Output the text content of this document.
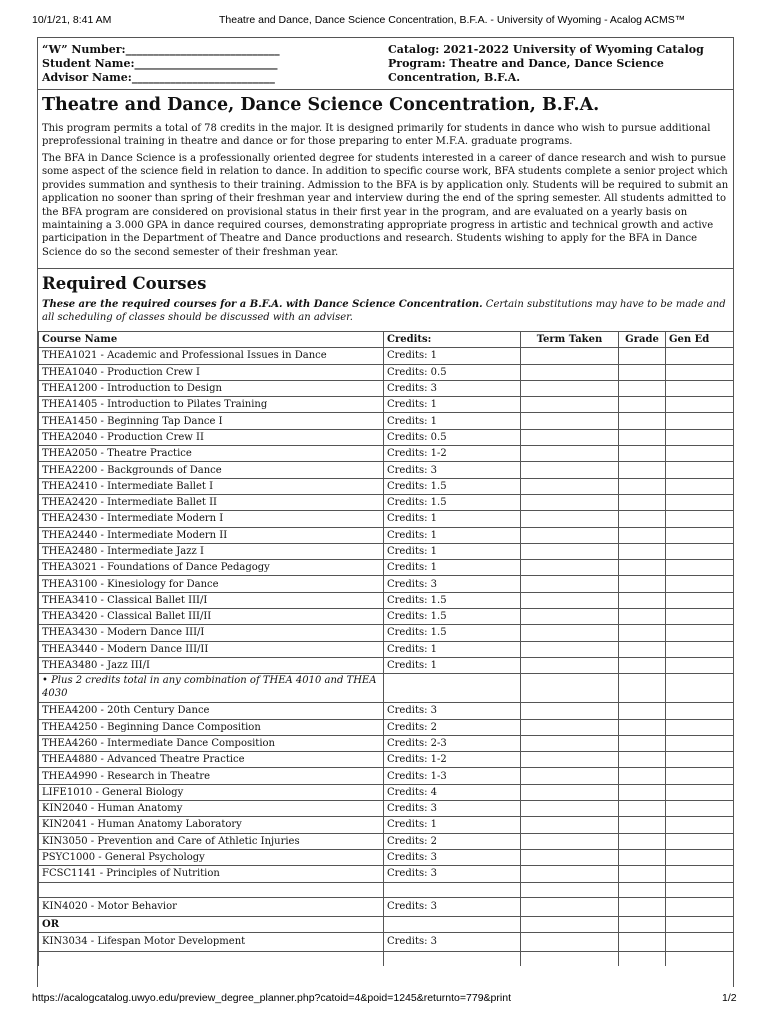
10/1/21, 8:41 AM	Theatre and Dance, Dance Science Concentration, B.F.A. - University of Wyoming - Acalog ACMS™
“W” Number:____________________________
Student Name:__________________________
Advisor Name:__________________________
Catalog: 2021-2022 University of Wyoming Catalog
Program: Theatre and Dance, Dance Science Concentration, B.F.A.
Theatre and Dance, Dance Science Concentration, B.F.A.
This program permits a total of 78 credits in the major. It is designed primarily for students in dance who wish to pursue additional preprofessional training in theatre and dance or for those preparing to enter M.F.A. graduate programs.
The BFA in Dance Science is a professionally oriented degree for students interested in a career of dance research and wish to pursue some aspect of the science field in relation to dance. In addition to specific course work, BFA students complete a senior project which provides summation and synthesis to their training. Admission to the BFA is by application only. Students will be required to submit an application no sooner than spring of their freshman year and interview during the end of the spring semester. All students admitted to the BFA program are considered on provisional status in their first year in the program, and are evaluated on a yearly basis on maintaining a 3.000 GPA in dance required courses, demonstrating appropriate progress in artistic and technical growth and active participation in the Department of Theatre and Dance productions and research. Students wishing to apply for the BFA in Dance Science do so the second semester of their freshman year.
Required Courses
These are the required courses for a B.F.A. with Dance Science Concentration. Certain substitutions may have to be made and all scheduling of classes should be discussed with an adviser.
Course Name	Credits:	Term Taken	Grade	Gen Ed
THEA1021 - Academic and Professional Issues in Dance	Credits: 1			
THEA1040 - Production Crew I	Credits: 0.5			
THEA1200 - Introduction to Design	Credits: 3			
THEA1405 - Introduction to Pilates Training	Credits: 1			
THEA1450 - Beginning Tap Dance I	Credits: 1			
THEA2040 - Production Crew II	Credits: 0.5			
THEA2050 - Theatre Practice	Credits: 1-2			
THEA2200 - Backgrounds of Dance	Credits: 3			
THEA2410 - Intermediate Ballet I	Credits: 1.5			
THEA2420 - Intermediate Ballet II	Credits: 1.5			
THEA2430 - Intermediate Modern I	Credits: 1			
THEA2440 - Intermediate Modern II	Credits: 1			
THEA2480 - Intermediate Jazz I	Credits: 1			
THEA3021 - Foundations of Dance Pedagogy	Credits: 1			
THEA3100 - Kinesiology for Dance	Credits: 3			
THEA3410 - Classical Ballet III/I	Credits: 1.5			
THEA3420 - Classical Ballet III/II	Credits: 1.5			
THEA3430 - Modern Dance III/I	Credits: 1.5			
THEA3440 - Modern Dance III/II	Credits: 1			
THEA3480 - Jazz III/I	Credits: 1			
• Plus 2 credits total in any combination of THEA 4010 and THEA 4030				
THEA4200 - 20th Century Dance	Credits: 3			
THEA4250 - Beginning Dance Composition	Credits: 2			
THEA4260 - Intermediate Dance Composition	Credits: 2-3			
THEA4880 - Advanced Theatre Practice	Credits: 1-2			
THEA4990 - Research in Theatre	Credits: 1-3			
LIFE1010 - General Biology	Credits: 4			
KIN2040 - Human Anatomy	Credits: 3			
KIN2041 - Human Anatomy Laboratory	Credits: 1			
KIN3050 - Prevention and Care of Athletic Injuries	Credits: 2			
PSYC1000 - General Psychology	Credits: 3			
FCSC1141 - Principles of Nutrition	Credits: 3			

KIN4020 - Motor Behavior	Credits: 3			
OR				
KIN3034 - Lifespan Motor Development	Credits: 3			

https://acalogcatalog.uwyo.edu/preview_degree_planner.php?catoid=4&poid=1245&returnto=779&print	1/2
